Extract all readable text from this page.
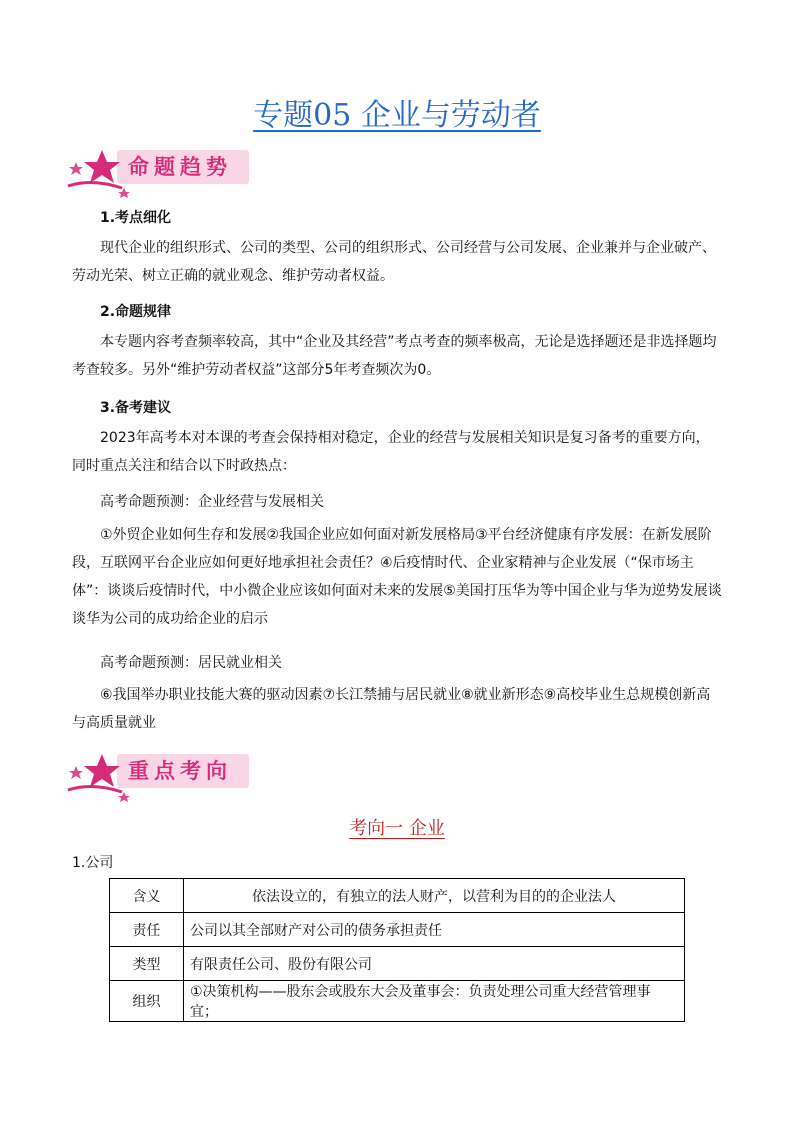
专题05 企业与劳动者
命题趋势
1.考点细化
现代企业的组织形式、公司的类型、公司的组织形式、公司经营与公司发展、企业兼并与企业破产、劳动光荣、树立正确的就业观念、维护劳动者权益。
2.命题规律
本专题内容考查频率较高，其中“企业及其经营”考点考查的频率极高，无论是选择题还是非选择题均考查较多。另外“维护劳动者权益”这部分5年考查频次为0。
3.备考建议
2023年高考本对本课的考查会保持相对稳定，企业的经营与发展相关知识是复习备考的重要方向，同时重点关注和结合以下时政热点：
高考命题预测：企业经营与发展相关
①外贸企业如何生存和发展②我国企业应如何面对新发展格局③平台经济健康有序发展：在新发展阶段，互联网平台企业应如何更好地承担社会责任？④后疫情时代、企业家精神与企业发展（“保市场主体”：谈谈后疫情时代，中小微企业应该如何面对未来的发展⑤美国打压华为等中国企业与华为逆势发展谈谈华为公司的成功给企业的启示
高考命题预测：居民就业相关
⑥我国举办职业技能大赛的驱动因素⑦长江禁捕与居民就业⑧就业新形态⑨高校毕业生总规模创新高与高质量就业
重点考向
考向一 企业
1.公司
含义	依法设立的，有独立的法人财产，以营利为目的的企业法人
责任	公司以其全部财产对公司的债务承担责任
类型	有限责任公司、股份有限公司
组织	①决策机构——股东会或股东大会及董事会：负责处理公司重大经营管理事宜；
